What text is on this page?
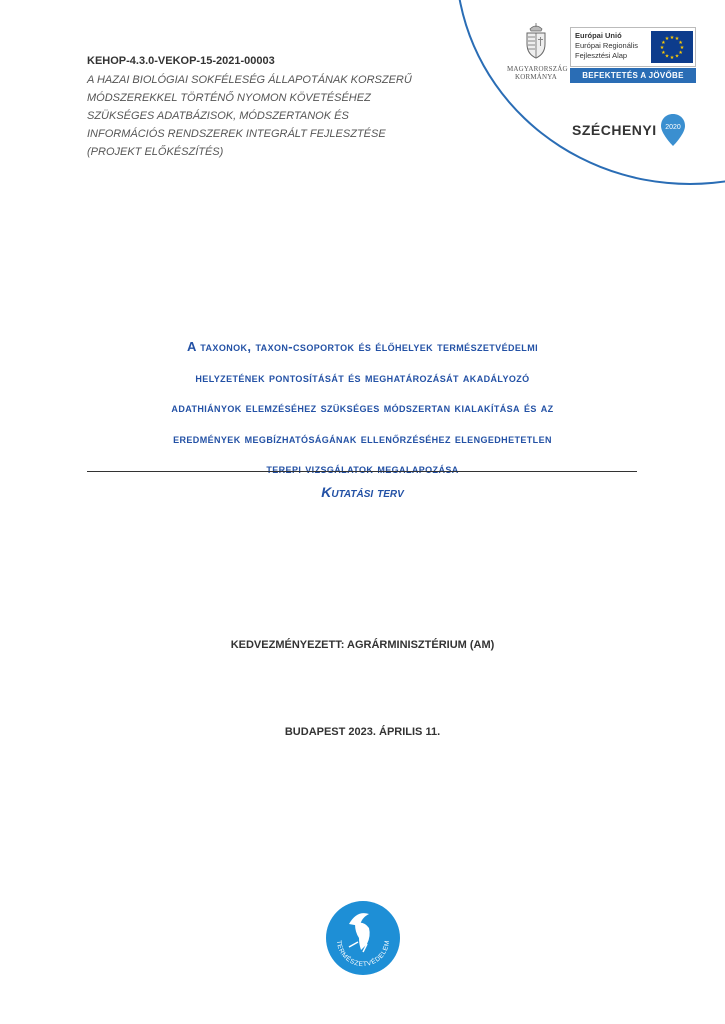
KEHOP-4.3.0-VEKOP-15-2021-00003
A HAZAI BIOLÓGIAI SOKFÉLESÉG ÁLLAPOTÁNAK KORSZERŰ
MÓDSZEREKKEL TÖRTÉNŐ NYOMON KÖVETÉSÉHEZ
SZÜKSÉGES ADATBÁZISOK, MÓDSZERTANOK ÉS
INFORMÁCIÓS RENDSZEREK INTEGRÁLT FEJLESZTÉSE
(PROJEKT ELŐKÉSZÍTÉS)
MAGYARORSZÁG
KORMÁNYA
Európai Unió
Európai Regionális
Fejlesztési Alap
★
★
★
★
★
★
★
★
★ ★ ★
★
BEFEKTETÉS A JÖVŐBE
SZÉCHENYI 2020
A taxonok, taxon-csoportok és élőhelyek természetvédelmi
helyzetének pontosítását és meghatározását akadályozó
adathiányok elemzéséhez szükséges módszertan kialakítása és az
eredmények megbízhatóságának ellenőrzéséhez elengedhetetlen
terepi vizsgálatok megalapozása
Kutatási terv
KEDVEZMÉNYEZETT: AGRÁRMINISZTÉRIUM (AM)
BUDAPEST 2023. ÁPRILIS 11.
TERMÉSZETVÉDELEM
